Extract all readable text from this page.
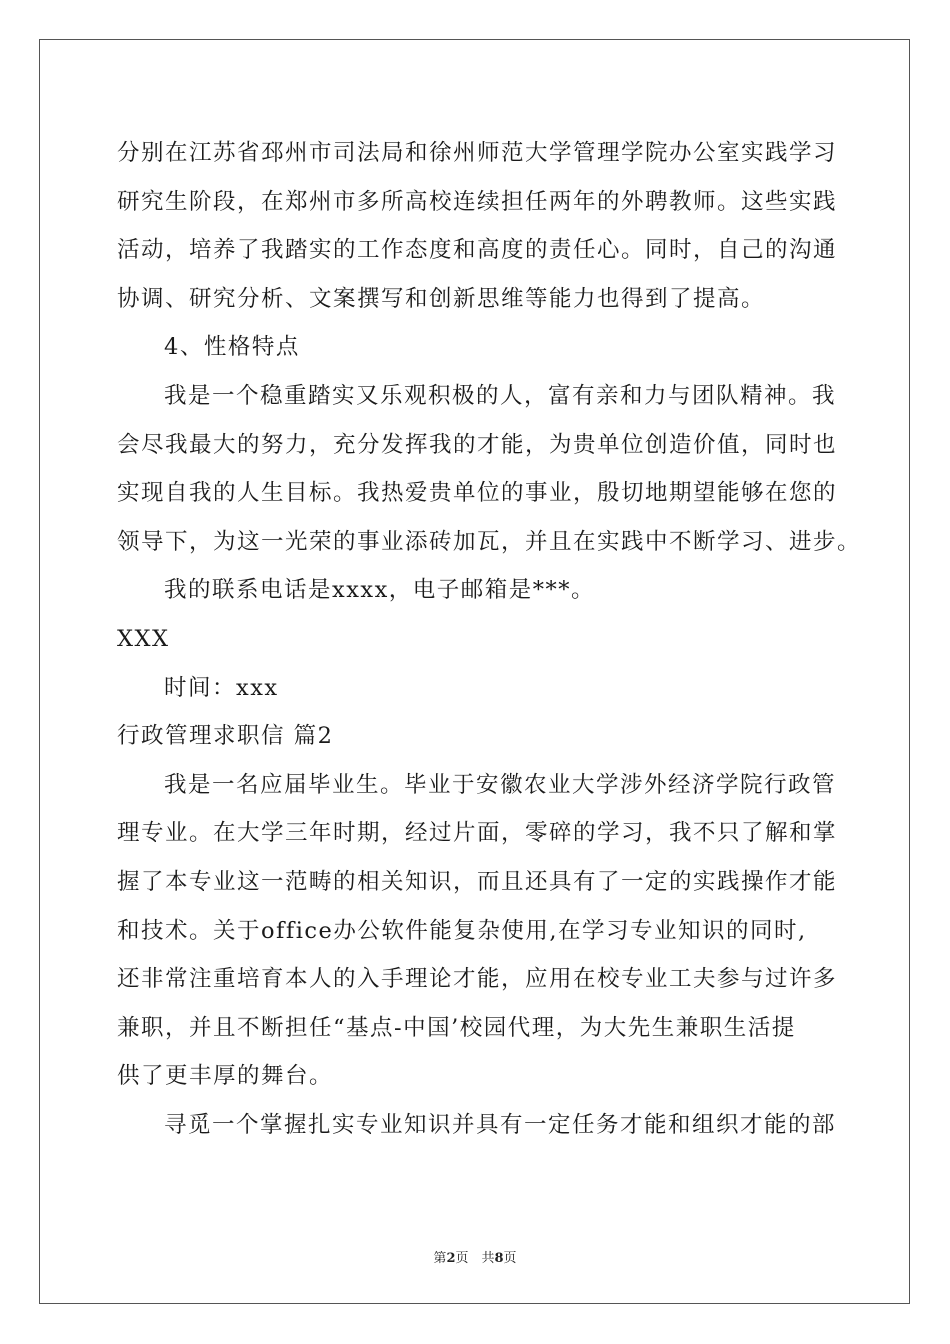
分别在江苏省邳州市司法局和徐州师范大学管理学院办公室实践学习
研究生阶段，在郑州市多所高校连续担任两年的外聘教师。这些实践
活动，培养了我踏实的工作态度和高度的责任心。同时，自己的沟通
协调、研究分析、文案撰写和创新思维等能力也得到了提高。
4、性格特点
我是一个稳重踏实又乐观积极的人，富有亲和力与团队精神。我
会尽我最大的努力，充分发挥我的才能，为贵单位创造价值，同时也
实现自我的人生目标。我热爱贵单位的事业，殷切地期望能够在您的
领导下，为这一光荣的事业添砖加瓦，并且在实践中不断学习、进步。
我的联系电话是xxxx，电子邮箱是***。
XXX
时间：xxx
行政管理求职信 篇2
我是一名应届毕业生。毕业于安徽农业大学涉外经济学院行政管
理专业。在大学三年时期，经过片面，零碎的学习，我不只了解和掌
握了本专业这一范畴的相关知识，而且还具有了一定的实践操作才能
和技术。关于office办公软件能复杂使用,在学习专业知识的同时,
还非常注重培育本人的入手理论才能，应用在校专业工夫参与过许多
兼职，并且不断担任“基点-中国’校园代理，为大先生兼职生活提
供了更丰厚的舞台。
寻觅一个掌握扎实专业知识并具有一定任务才能和组织才能的部
第2页　共8页
